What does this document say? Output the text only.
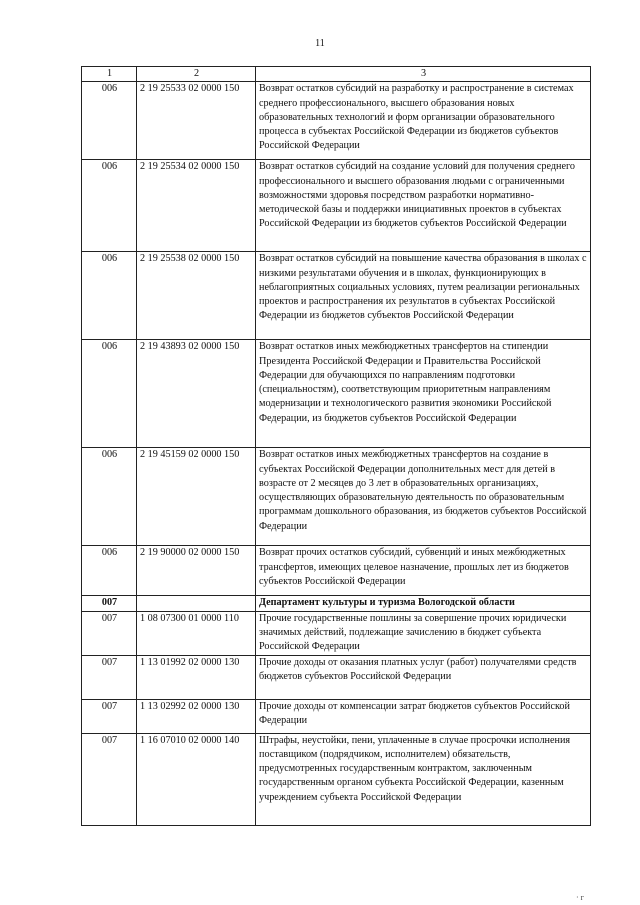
11
1	2	3
006	2 19 25533 02 0000 150	Возврат остатков субсидий на разработку и распространение в системах среднего профессионального, высшего образования новых образовательных технологий и форм организации образовательного процесса в субъектах Российской Федерации из бюджетов субъектов Российской Федерации
006	2 19 25534 02 0000 150	Возврат остатков субсидий на создание условий для получения среднего профессионального и высшего образования людьми с ограниченными возможностями здоровья посредством разработки нормативно-методической базы и поддержки инициативных проектов в субъектах Российской Федерации из бюджетов субъектов Российской Федерации
006	2 19 25538 02 0000 150	Возврат остатков субсидий на повышение качества образования в школах с низкими результатами обучения и в школах, функционирующих в неблагоприятных социальных условиях, путем реализации региональных проектов и распространения их результатов в субъектах Российской Федерации из бюджетов субъектов Российской Федерации
006	2 19 43893 02 0000 150	Возврат остатков иных межбюджетных трансфертов на стипендии Президента Российской Федерации и Правительства Российской Федерации для обучающихся по направлениям подготовки (специальностям), соответствующим приоритетным направлениям модернизации и технологического развития экономики Российской Федерации, из бюджетов субъектов Российской Федерации
006	2 19 45159 02 0000 150	Возврат остатков иных межбюджетных трансфертов на создание в субъектах Российской Федерации дополнительных мест для детей в возрасте от 2 месяцев до 3 лет в образовательных организациях, осуществляющих образовательную деятельность по образовательным программам дошкольного образования, из бюджетов субъектов Российской Федерации
006	2 19 90000 02 0000 150	Возврат прочих остатков субсидий, субвенций и иных межбюджетных трансфертов, имеющих целевое назначение, прошлых лет из бюджетов субъектов Российской Федерации
007		Департамент культуры и туризма Вологодской области
007	1 08 07300 01 0000 110	Прочие государственные пошлины за совершение прочих юридически значимых действий, подлежащие зачислению в бюджет субъекта Российской Федерации
007	1 13 01992 02 0000 130	Прочие доходы от оказания платных услуг (работ) получателями средств бюджетов субъектов Российской Федерации
007	1 13 02992 02 0000 130	Прочие доходы от компенсации затрат бюджетов субъектов Российской Федерации
007	1 16 07010 02 0000 140	Штрафы, неустойки, пени, уплаченные в случае просрочки исполнения поставщиком (подрядчиком, исполнителем) обязательств, предусмотренных государственным контрактом, заключенным государственным органом субъекта Российской Федерации, казенным учреждением субъекта Российской Федерации
· ᴦ
